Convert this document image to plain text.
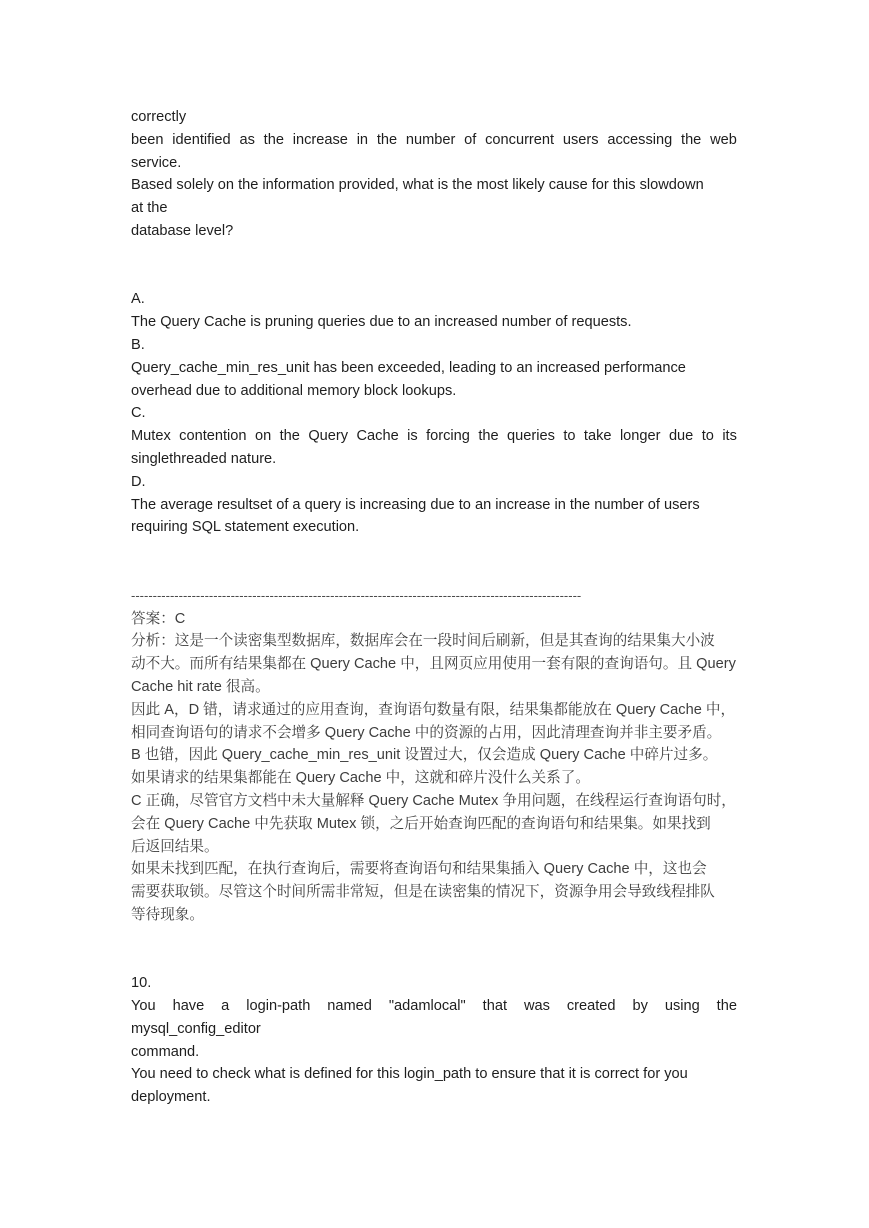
correctly
been identified as the increase in the number of concurrent users accessing the web
service.
Based solely on the information provided, what is the most likely cause for this slowdown
at the
database level?
A.
The Query Cache is pruning queries due to an increased number of requests.
B.
Query_cache_min_res_unit has been exceeded, leading to an increased performance
overhead due to additional memory block lookups.
C.
Mutex contention on the Query Cache is forcing the queries to take longer due to its
singlethreaded nature.
D.
The average resultset of a query is increasing due to an increase in the number of users
requiring SQL statement execution.
--------------------------------------------------------------------------------------------------------
答案：C
分析：这是一个读密集型数据库，数据库会在一段时间后刷新，但是其查询的结果集大小波
动不大。而所有结果集都在 Query Cache 中，且网页应用使用一套有限的查询语句。且 Query
Cache hit rate 很高。
因此 A，D 错，请求通过的应用查询，查询语句数量有限，结果集都能放在 Query Cache 中，
相同查询语句的请求不会增多 Query Cache 中的资源的占用，因此清理查询并非主要矛盾。
B 也错，因此 Query_cache_min_res_unit 设置过大，仅会造成 Query Cache 中碎片过多。
如果请求的结果集都能在 Query Cache 中，这就和碎片没什么关系了。
C 正确，尽管官方文档中未大量解释 Query Cache Mutex 争用问题，在线程运行查询语句时，
会在 Query Cache 中先获取 Mutex 锁，之后开始查询匹配的查询语句和结果集。如果找到
后返回结果。
如果未找到匹配，在执行查询后，需要将查询语句和结果集插入 Query Cache 中，这也会
需要获取锁。尽管这个时间所需非常短，但是在读密集的情况下，资源争用会导致线程排队
等待现象。
10.
You have a login-path named "adamlocal" that was created by using the
mysql_config_editor
command.
You need to check what is defined for this login_path to ensure that it is correct for you
deployment.
